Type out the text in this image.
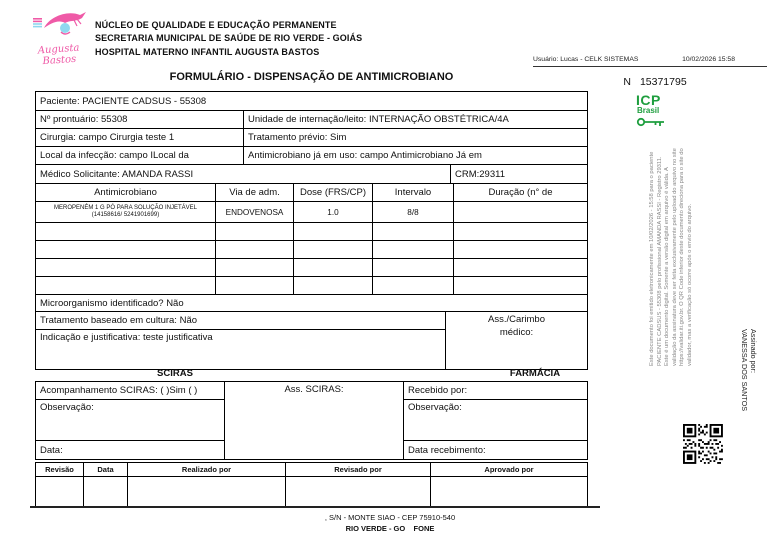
Augusta Bastos
NÚCLEO DE QUALIDADE E EDUCAÇÃO PERMANENTE
SECRETARIA MUNICIPAL DE SAÚDE DE RIO VERDE - GOIÁS
HOSPITAL MATERNO INFANTIL AUGUSTA BASTOS
Usuário: Lucas - CELK SISTEMAS	10/02/2026 15:58
FORMULÁRIO - DISPENSAÇÃO DE ANTIMICROBIANO	N 15371795
ICP
Brasil
Paciente: PACIENTE CADSUS - 55308
Nº prontuário: 55308	Unidade de internação/leito: INTERNAÇÃO OBSTÉTRICA/4A
Cirurgia: campo Cirurgia teste 1	Tratamento prévio: Sim
Local da infecção: campo ILocal da	Antimicrobiano já em uso: campo Antimicrobiano Já em
Médico Solicitante: AMANDA RASSI	CRM:29311
Antimicrobiano	Via de adm.	Dose (FRS/CP)	Intervalo	Duração (n° de
MEROPENÉM 1 G PÓ PARA SOLUÇÃO INJETÁVEL
(14158616/ 5241901699)	ENDOVENOSA	1.0	8/8
Microorganismo identificado? Não
Tratamento baseado em cultura: Não
Indicação e justificativa: teste justificativa
Ass./Carimbo
médico:
SCIRAS	FARMÁCIA
Acompanhamento SCIRAS: ( )Sim ( )
Observação:
Data:
Ass. SCIRAS:	Recebido por:
Observação:
Data recebimento:
Revisão	Data	Realizado por	Revisado por	Aprovado por
, S/N - MONTE SIAO - CEP 75910-540
RIO VERDE - GO    FONE
Este documento foi emitido eletronicamente em 10/02/2026 - 15:58 para o paciente PACIENTE CADSUS - 55308 pelo profissional AMANDA RASSI - Registro 29311. Este é um documento digital. Somente a versão digital em arquivo é válida. A validação da assinatura deve ser feita exclusivamente pelo upload do arquivo no site https://validar.iti.gov.br. O QR Code inferior deste documento direciona para o site do validador, mas a verificação só ocorre após o envio do arquivo.	Assinado por:
VANESSA DOS SANTOS
